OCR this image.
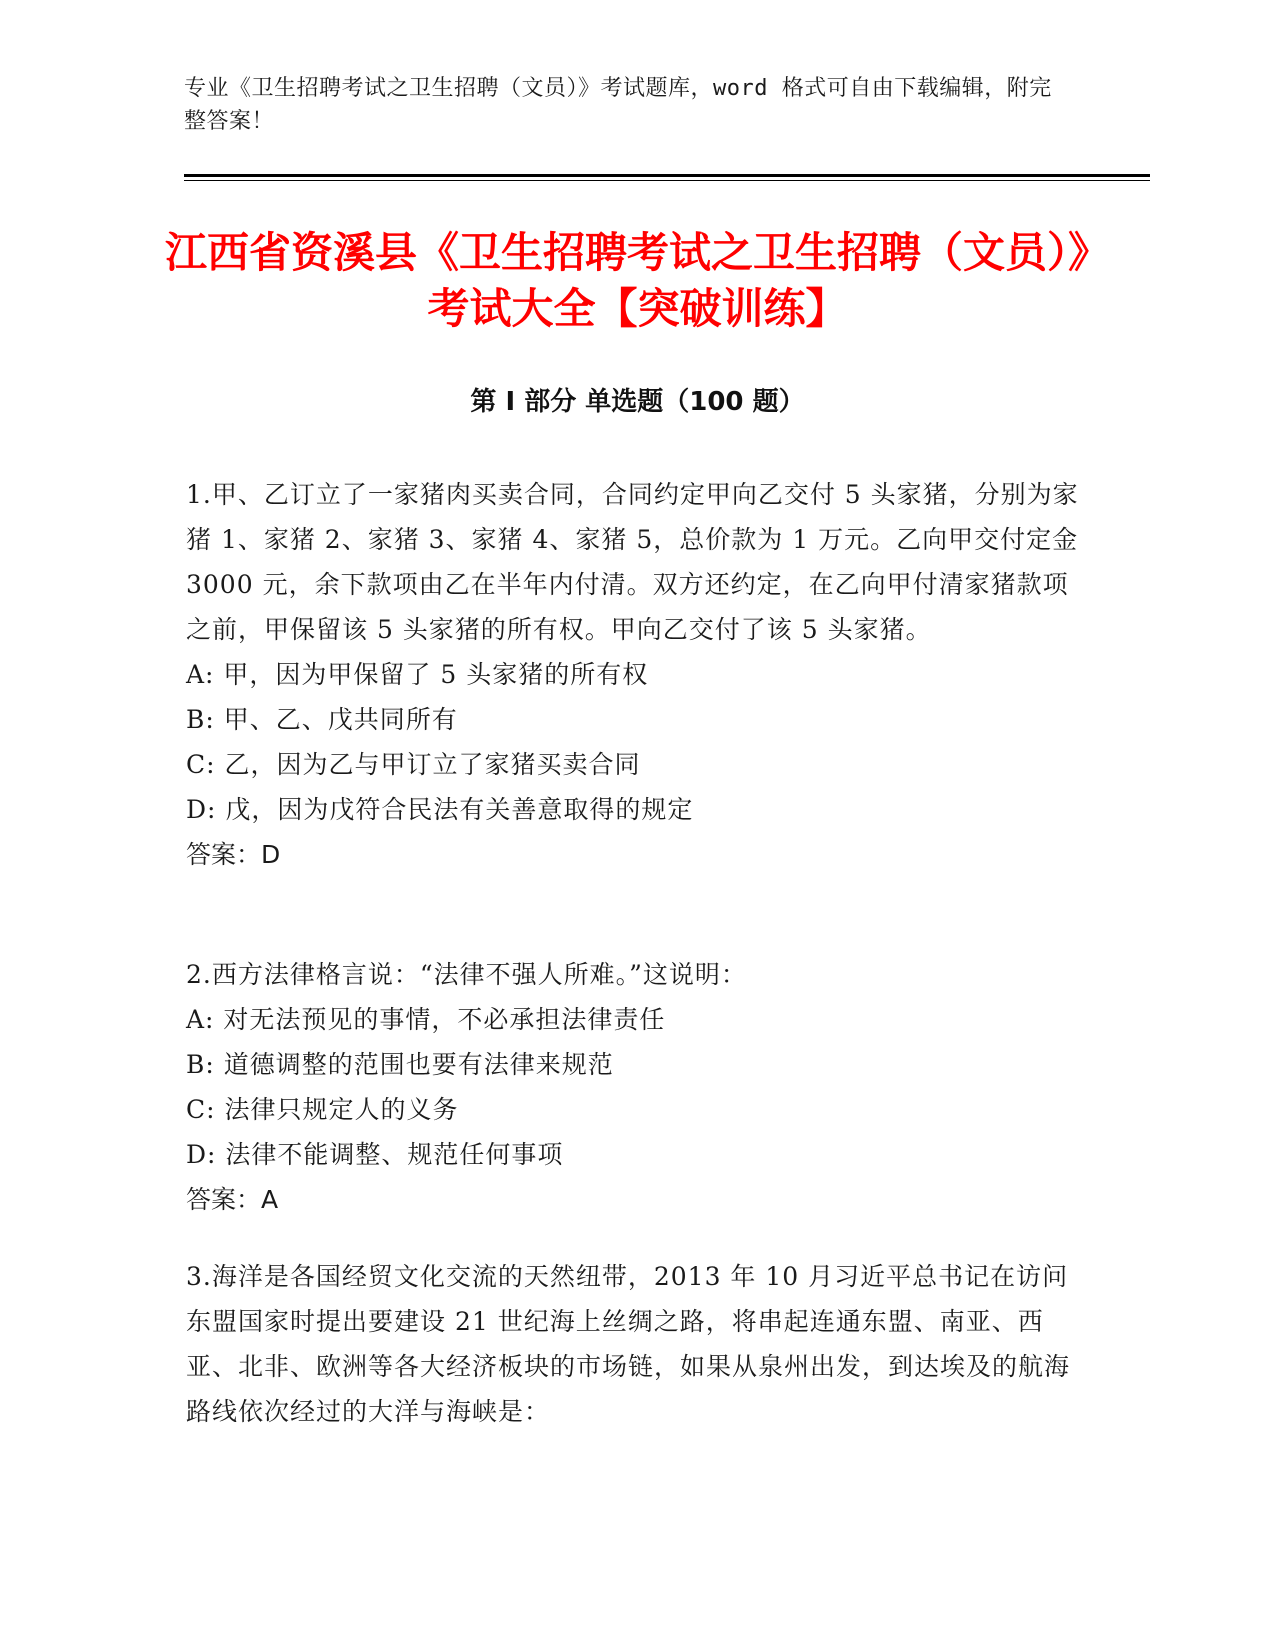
专业《卫生招聘考试之卫生招聘（文员）》考试题库，word 格式可自由下载编辑，附完整答案！

江西省资溪县《卫生招聘考试之卫生招聘（文员）》考试大全【突破训练】
第 I 部分 单选题（100 题）

1.甲、乙订立了一家猪肉买卖合同，合同约定甲向乙交付 5 头家猪，分别为家猪 1、家猪 2、家猪 3、家猪 4、家猪 5，总价款为 1 万元。乙向甲交付定金 3000 元，余下款项由乙在半年内付清。双方还约定，在乙向甲付清家猪款项之前，甲保留该 5 头家猪的所有权。甲向乙交付了该 5 头家猪。

A: 甲，因为甲保留了 5 头家猪的所有权

B: 甲、乙、戊共同所有

C: 乙，因为乙与甲订立了家猪买卖合同

D: 戊，因为戊符合民法有关善意取得的规定

答案：D

2.西方法律格言说：“法律不强人所难。”这说明：

A: 对无法预见的事情，不必承担法律责任

B: 道德调整的范围也要有法律来规范

C: 法律只规定人的义务

D: 法律不能调整、规范任何事项

答案：A

3.海洋是各国经贸文化交流的天然纽带，2013 年 10 月习近平总书记在访问东盟国家时提出要建设 21 世纪海上丝绸之路，将串起连通东盟、南亚、西亚、北非、欧洲等各大经济板块的市场链，如果从泉州出发，到达埃及的航海路线依次经过的大洋与海峡是：
